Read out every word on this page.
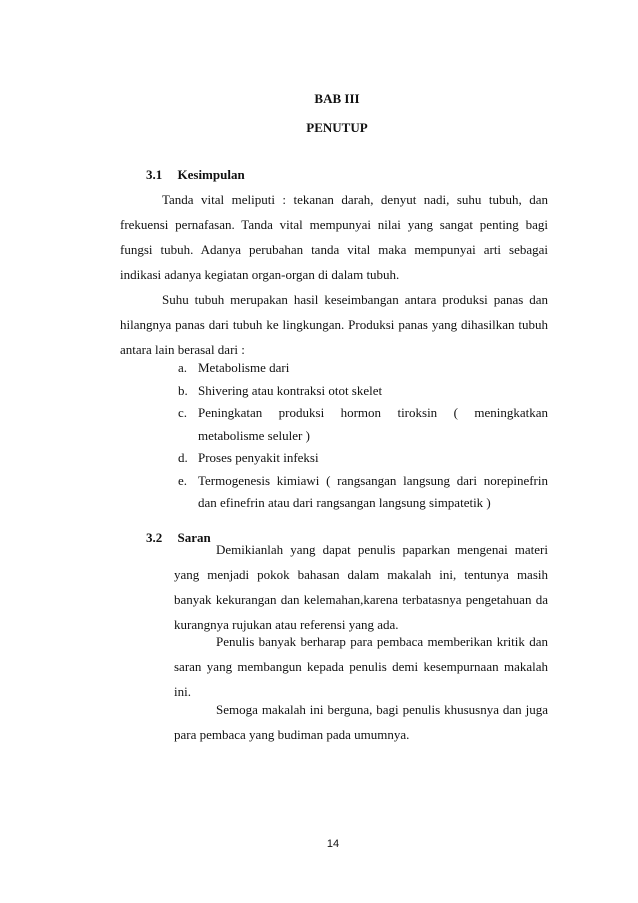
BAB III
PENUTUP
3.1 Kesimpulan
Tanda vital meliputi : tekanan darah, denyut nadi, suhu tubuh, dan frekuensi pernafasan. Tanda vital mempunyai nilai yang sangat penting bagi fungsi tubuh. Adanya perubahan tanda vital maka mempunyai arti sebagai indikasi adanya kegiatan organ-organ di dalam tubuh.
Suhu tubuh merupakan hasil keseimbangan antara produksi panas dan hilangnya panas dari tubuh ke lingkungan. Produksi panas yang dihasilkan tubuh antara lain berasal dari :
a. Metabolisme dari
b. Shivering atau kontraksi otot skelet
c. Peningkatan produksi hormon tiroksin ( meningkatkan metabolisme seluler )
d. Proses penyakit infeksi
e. Termogenesis kimiawi ( rangsangan langsung dari norepinefrin dan efinefrin atau dari rangsangan langsung simpatetik )
3.2 Saran
Demikianlah yang dapat penulis paparkan mengenai materi yang menjadi pokok bahasan dalam makalah ini, tentunya masih banyak kekurangan dan kelemahan,karena terbatasnya pengetahuan da kurangnya rujukan atau referensi yang ada.
Penulis banyak berharap para pembaca memberikan kritik dan saran yang membangun kepada penulis demi kesempurnaan makalah ini.
Semoga makalah ini berguna, bagi penulis khususnya dan juga para pembaca yang budiman pada umumnya.
14
